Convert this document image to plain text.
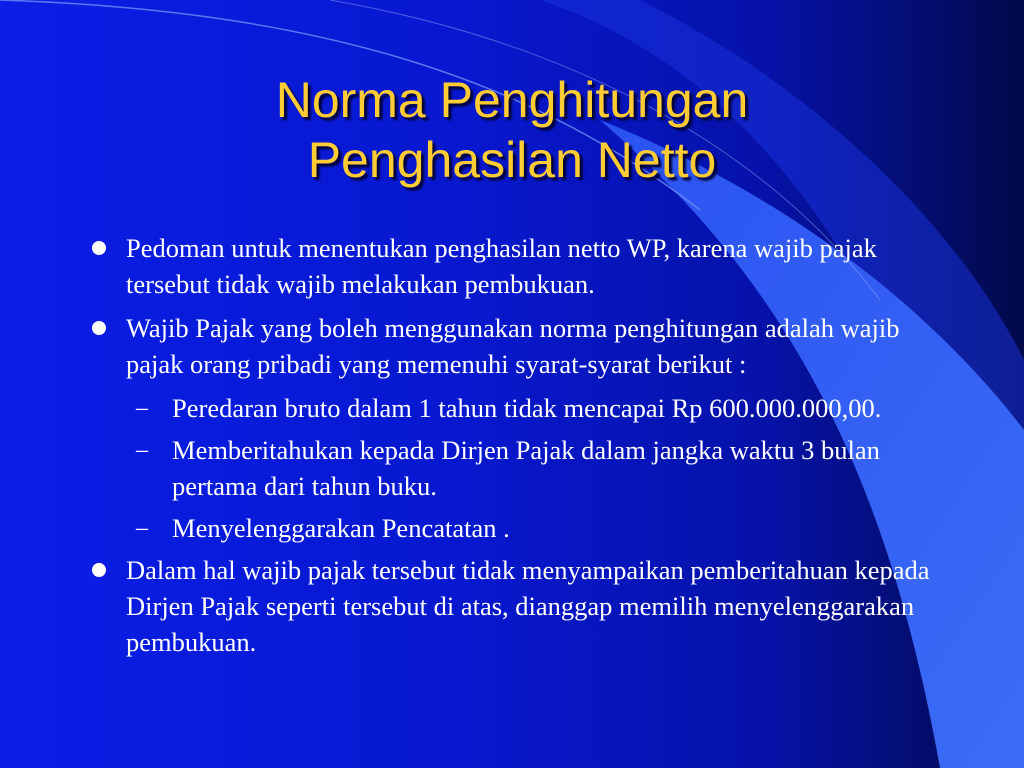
Norma Penghitungan
Penghasilan Netto
Pedoman untuk menentukan penghasilan netto WP, karena wajib pajak tersebut tidak wajib melakukan pembukuan.
Wajib Pajak yang boleh menggunakan norma penghitungan adalah wajib pajak orang pribadi yang memenuhi syarat-syarat berikut :
– Peredaran bruto dalam 1 tahun tidak mencapai Rp 600.000.000,00.
– Memberitahukan kepada Dirjen Pajak dalam jangka waktu 3 bulan pertama dari tahun buku.
– Menyelenggarakan Pencatatan .
Dalam hal wajib pajak tersebut tidak menyampaikan pemberitahuan kepada Dirjen Pajak seperti tersebut di atas, dianggap memilih menyelenggarakan pembukuan.
